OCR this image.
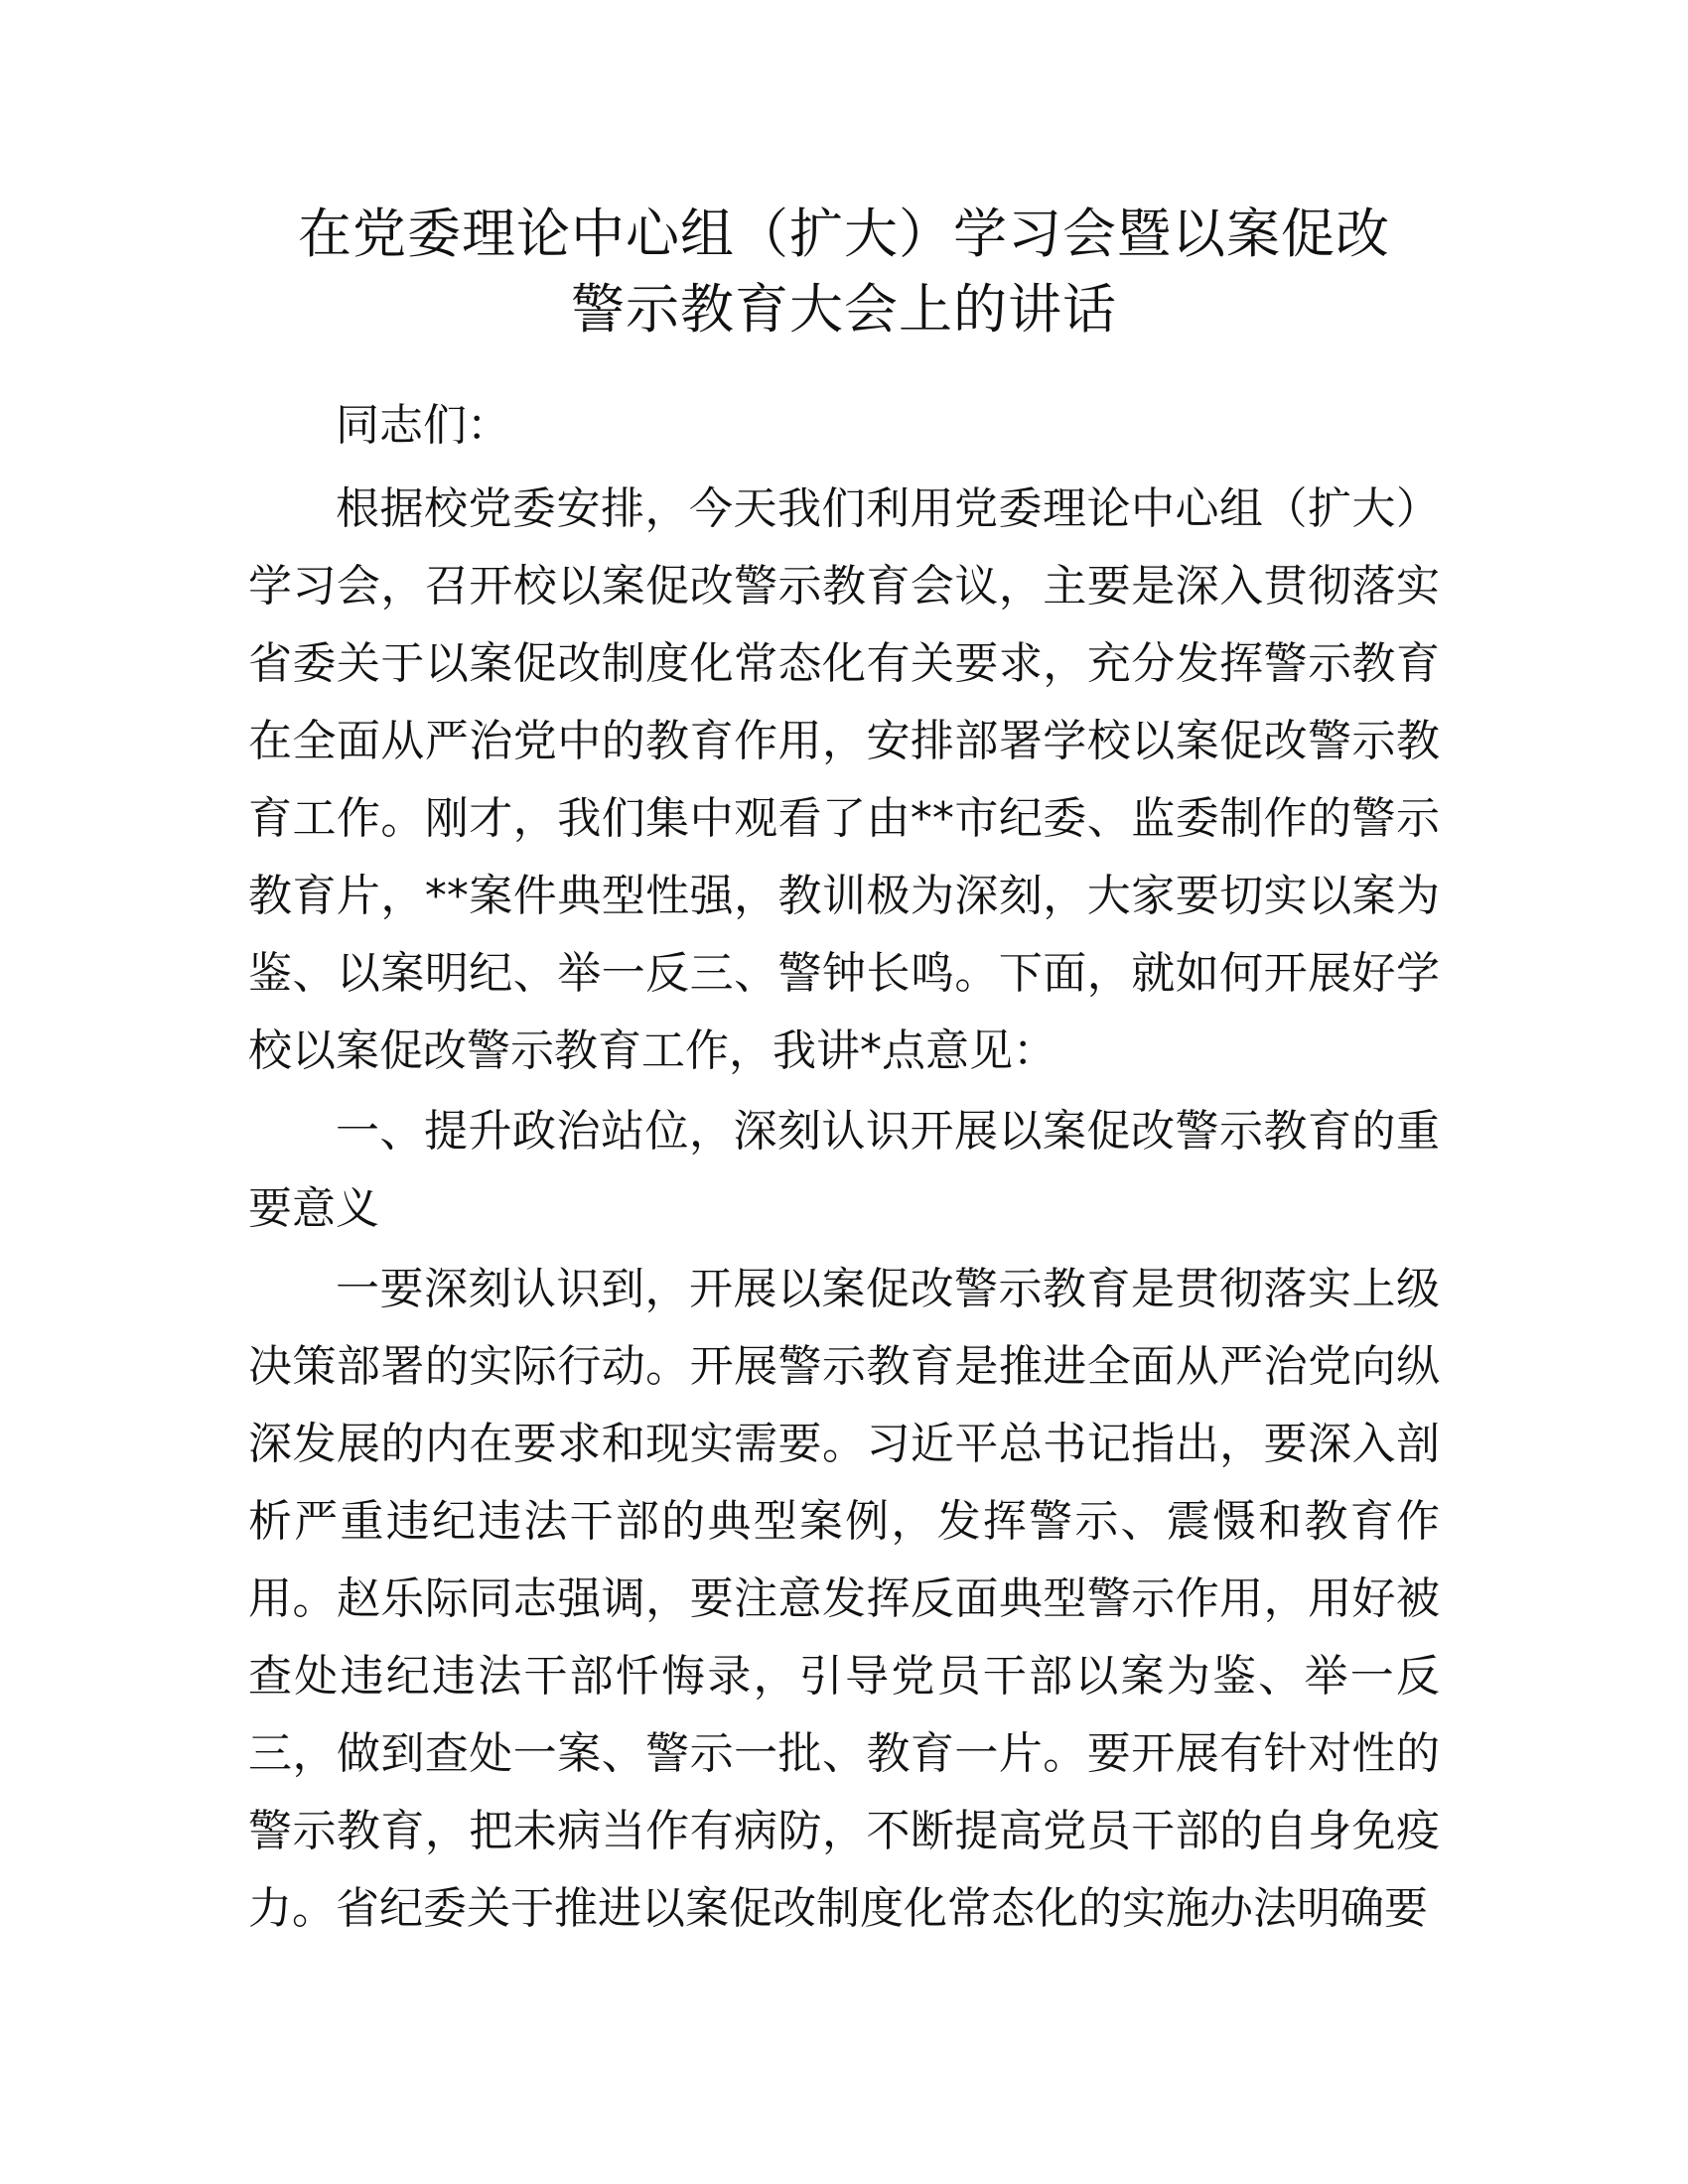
在党委理论中心组（扩大）学习会暨以案促改
警示教育大会上的讲话

同志们：

根据校党委安排，今天我们利用党委理论中心组（扩大）学习会，召开校以案促改警示教育会议，主要是深入贯彻落实省委关于以案促改制度化常态化有关要求，充分发挥警示教育在全面从严治党中的教育作用，安排部署学校以案促改警示教育工作。刚才，我们集中观看了由**市纪委、监委制作的警示教育片，**案件典型性强，教训极为深刻，大家要切实以案为鉴、以案明纪、举一反三、警钟长鸣。下面，就如何开展好学校以案促改警示教育工作，我讲*点意见：

一、提升政治站位，深刻认识开展以案促改警示教育的重要意义

一要深刻认识到，开展以案促改警示教育是贯彻落实上级决策部署的实际行动。开展警示教育是推进全面从严治党向纵深发展的内在要求和现实需要。习近平总书记指出，要深入剖析严重违纪违法干部的典型案例，发挥警示、震慑和教育作用。赵乐际同志强调，要注意发挥反面典型警示作用，用好被查处违纪违法干部忏悔录，引导党员干部以案为鉴、举一反三，做到查处一案、警示一批、教育一片。要开展有针对性的警示教育，把未病当作有病防，不断提高党员干部的自身免疫力。省纪委关于推进以案促改制度化常态化的实施办法明确要
